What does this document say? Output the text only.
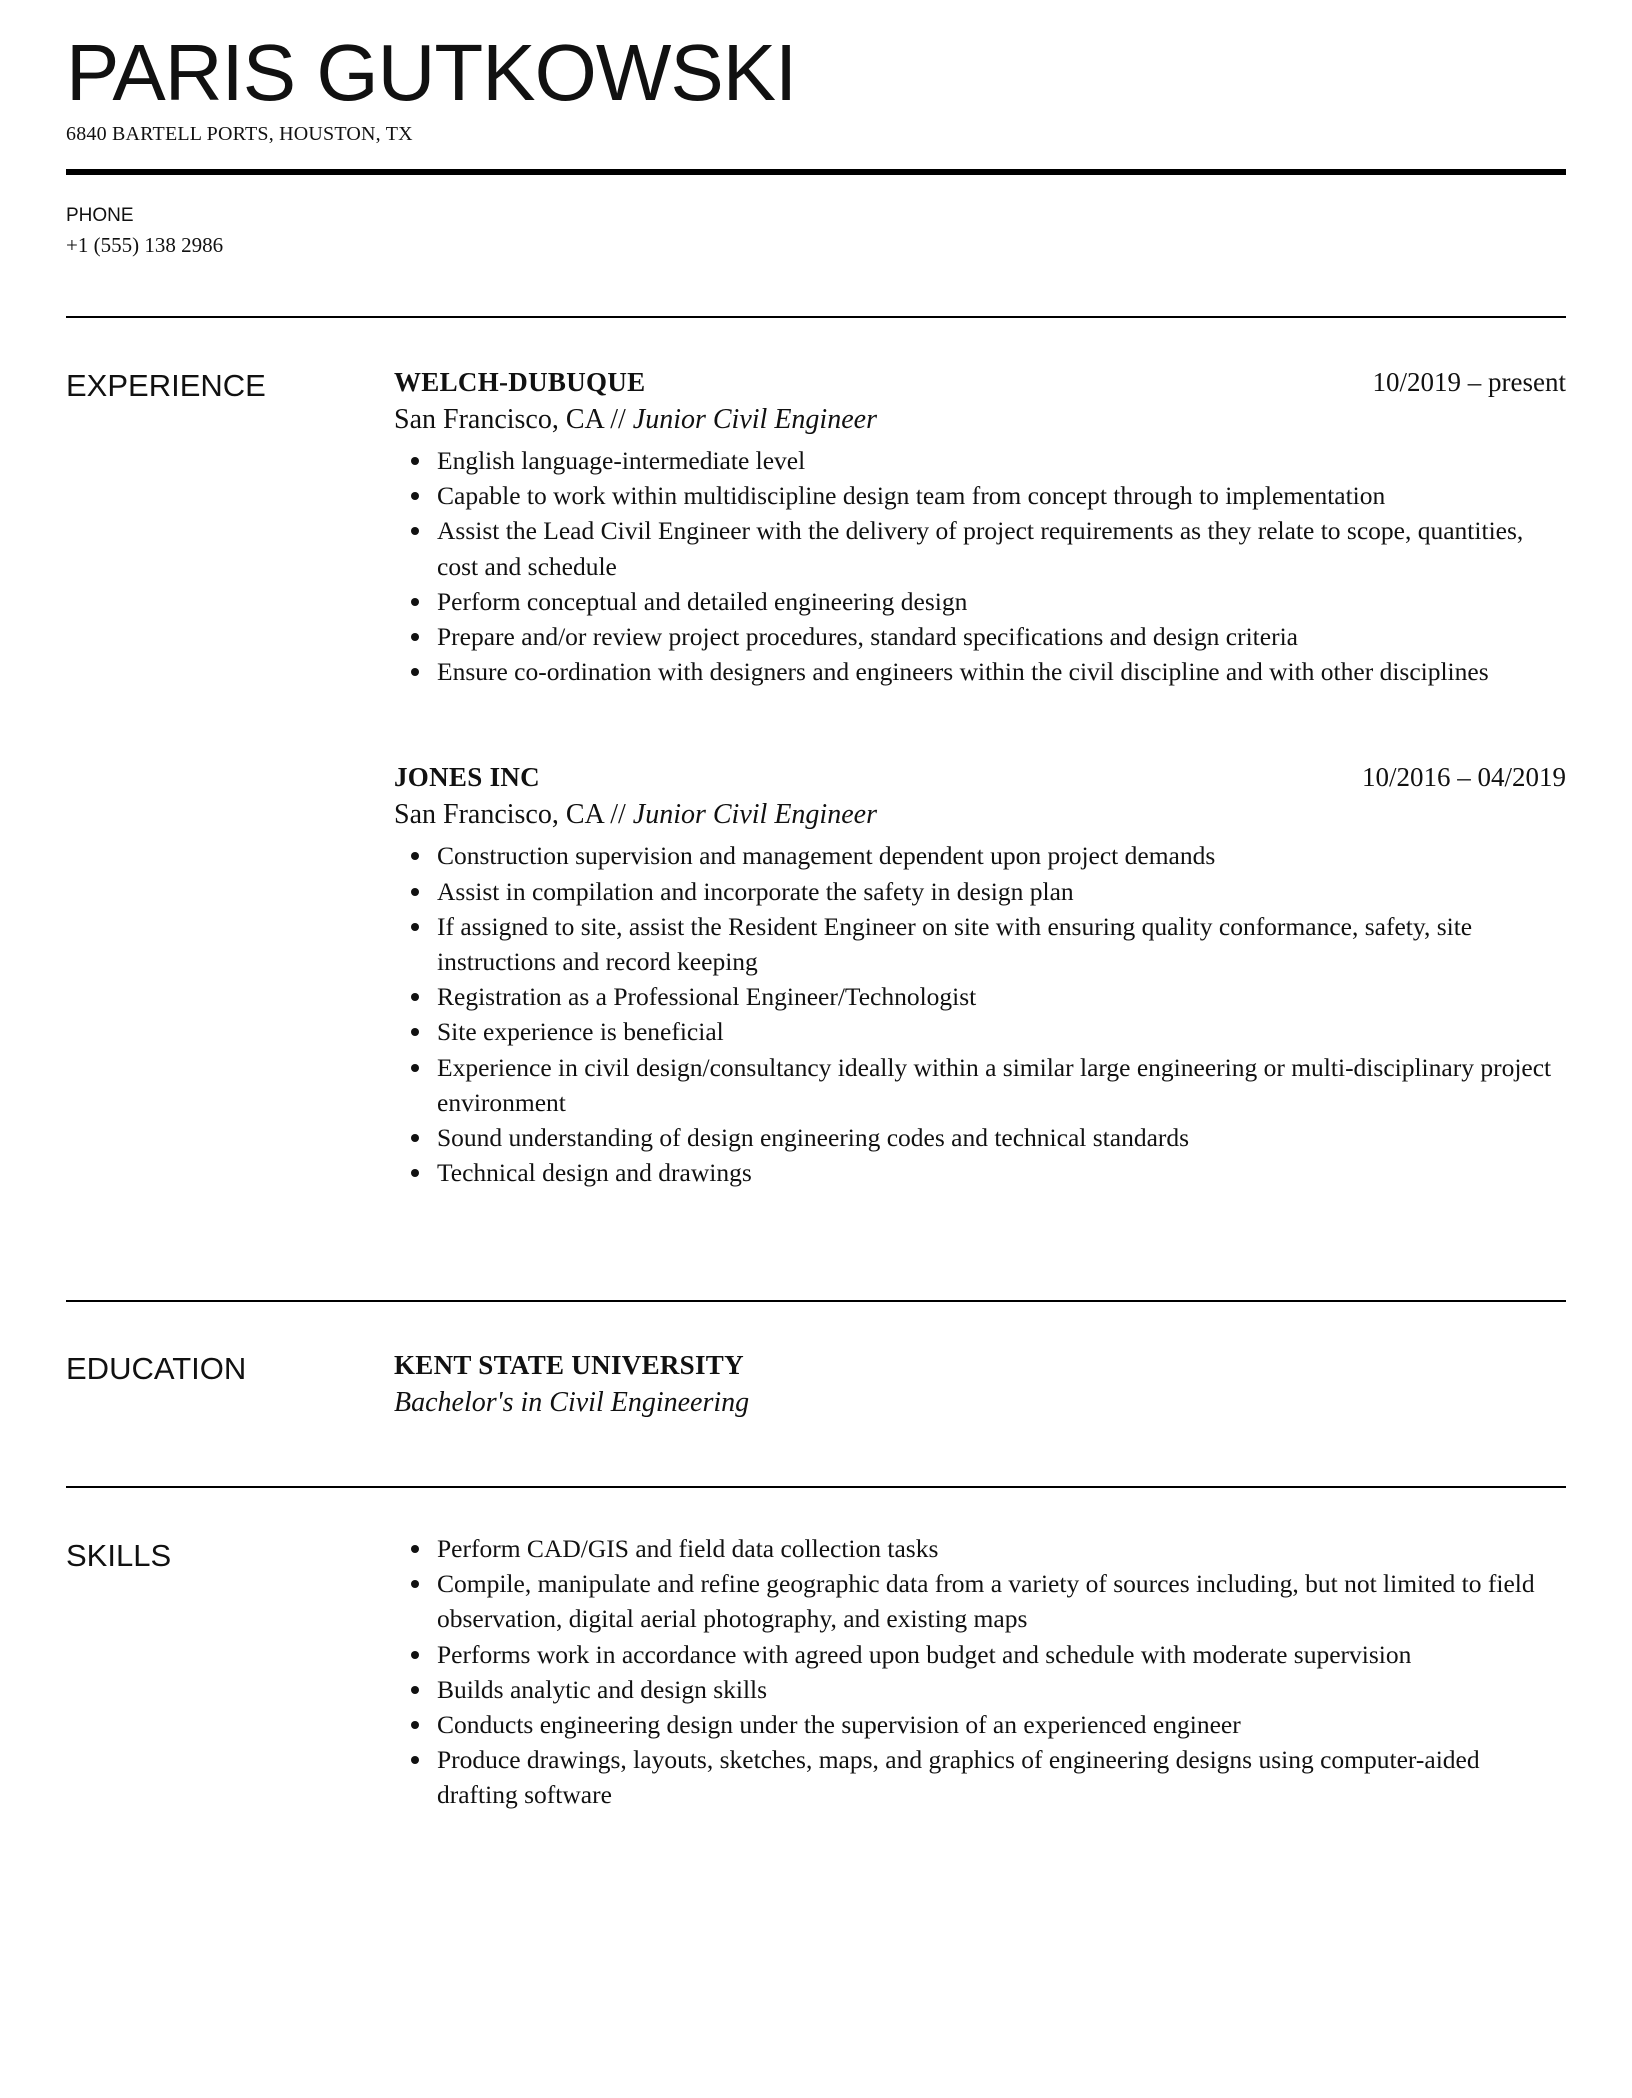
PARIS GUTKOWSKI
6840 BARTELL PORTS, HOUSTON, TX
PHONE
+1 (555) 138 2986
EXPERIENCE	WELCH-DUBUQUE	10/2019 – present
San Francisco, CA // Junior Civil Engineer
English language-intermediate level
Capable to work within multidiscipline design team from concept through to implementation
Assist the Lead Civil Engineer with the delivery of project requirements as they relate to scope, quantities, cost and schedule
Perform conceptual and detailed engineering design
Prepare and/or review project procedures, standard specifications and design criteria
Ensure co-ordination with designers and engineers within the civil discipline and with other disciplines
JONES INC	10/2016 – 04/2019
San Francisco, CA // Junior Civil Engineer
Construction supervision and management dependent upon project demands
Assist in compilation and incorporate the safety in design plan
If assigned to site, assist the Resident Engineer on site with ensuring quality conformance, safety, site instructions and record keeping
Registration as a Professional Engineer/Technologist
Site experience is beneficial
Experience in civil design/consultancy ideally within a similar large engineering or multi-disciplinary project environment
Sound understanding of design engineering codes and technical standards
Technical design and drawings
EDUCATION	KENT STATE UNIVERSITY
Bachelor's in Civil Engineering
SKILLS	Perform CAD/GIS and field data collection tasks
Compile, manipulate and refine geographic data from a variety of sources including, but not limited to field observation, digital aerial photography, and existing maps
Performs work in accordance with agreed upon budget and schedule with moderate supervision
Builds analytic and design skills
Conducts engineering design under the supervision of an experienced engineer
Produce drawings, layouts, sketches, maps, and graphics of engineering designs using computer-aided drafting software
